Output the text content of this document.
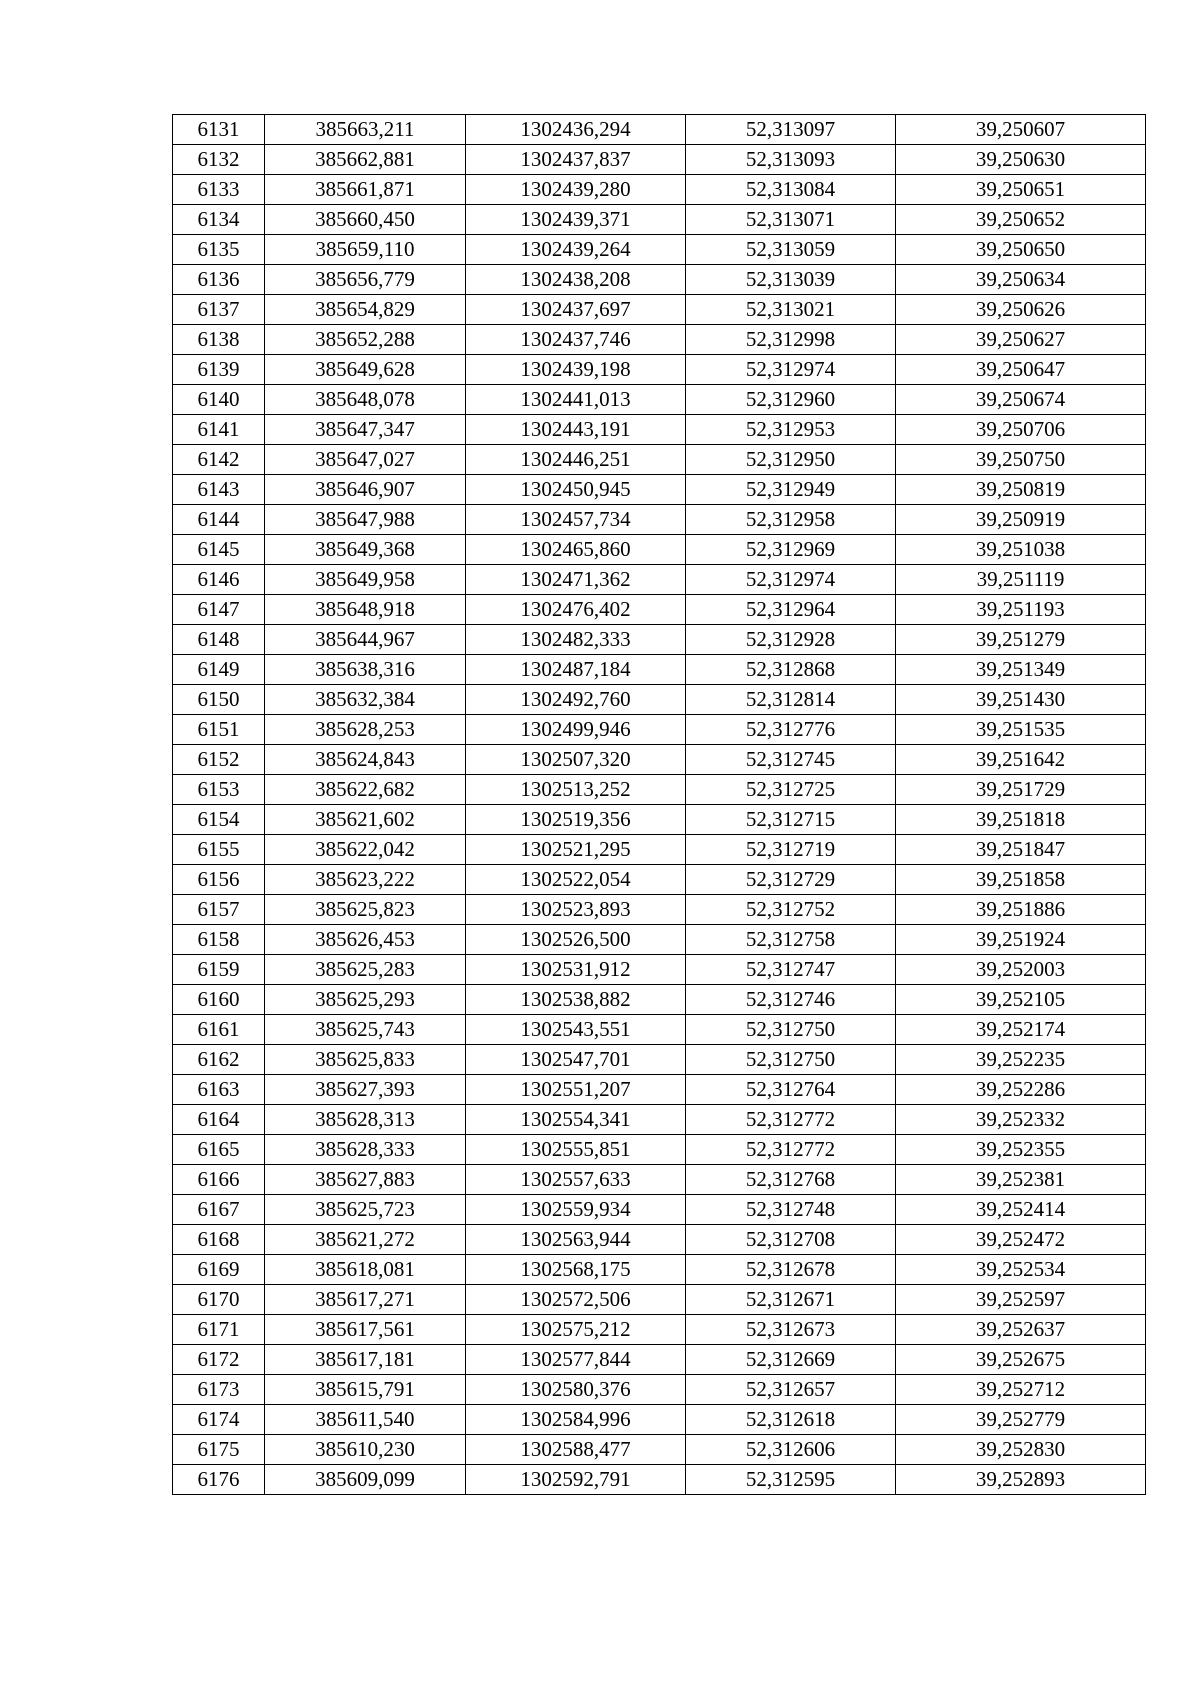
6131	385663,211	1302436,294	52,313097	39,250607
6132	385662,881	1302437,837	52,313093	39,250630
6133	385661,871	1302439,280	52,313084	39,250651
6134	385660,450	1302439,371	52,313071	39,250652
6135	385659,110	1302439,264	52,313059	39,250650
6136	385656,779	1302438,208	52,313039	39,250634
6137	385654,829	1302437,697	52,313021	39,250626
6138	385652,288	1302437,746	52,312998	39,250627
6139	385649,628	1302439,198	52,312974	39,250647
6140	385648,078	1302441,013	52,312960	39,250674
6141	385647,347	1302443,191	52,312953	39,250706
6142	385647,027	1302446,251	52,312950	39,250750
6143	385646,907	1302450,945	52,312949	39,250819
6144	385647,988	1302457,734	52,312958	39,250919
6145	385649,368	1302465,860	52,312969	39,251038
6146	385649,958	1302471,362	52,312974	39,251119
6147	385648,918	1302476,402	52,312964	39,251193
6148	385644,967	1302482,333	52,312928	39,251279
6149	385638,316	1302487,184	52,312868	39,251349
6150	385632,384	1302492,760	52,312814	39,251430
6151	385628,253	1302499,946	52,312776	39,251535
6152	385624,843	1302507,320	52,312745	39,251642
6153	385622,682	1302513,252	52,312725	39,251729
6154	385621,602	1302519,356	52,312715	39,251818
6155	385622,042	1302521,295	52,312719	39,251847
6156	385623,222	1302522,054	52,312729	39,251858
6157	385625,823	1302523,893	52,312752	39,251886
6158	385626,453	1302526,500	52,312758	39,251924
6159	385625,283	1302531,912	52,312747	39,252003
6160	385625,293	1302538,882	52,312746	39,252105
6161	385625,743	1302543,551	52,312750	39,252174
6162	385625,833	1302547,701	52,312750	39,252235
6163	385627,393	1302551,207	52,312764	39,252286
6164	385628,313	1302554,341	52,312772	39,252332
6165	385628,333	1302555,851	52,312772	39,252355
6166	385627,883	1302557,633	52,312768	39,252381
6167	385625,723	1302559,934	52,312748	39,252414
6168	385621,272	1302563,944	52,312708	39,252472
6169	385618,081	1302568,175	52,312678	39,252534
6170	385617,271	1302572,506	52,312671	39,252597
6171	385617,561	1302575,212	52,312673	39,252637
6172	385617,181	1302577,844	52,312669	39,252675
6173	385615,791	1302580,376	52,312657	39,252712
6174	385611,540	1302584,996	52,312618	39,252779
6175	385610,230	1302588,477	52,312606	39,252830
6176	385609,099	1302592,791	52,312595	39,252893
